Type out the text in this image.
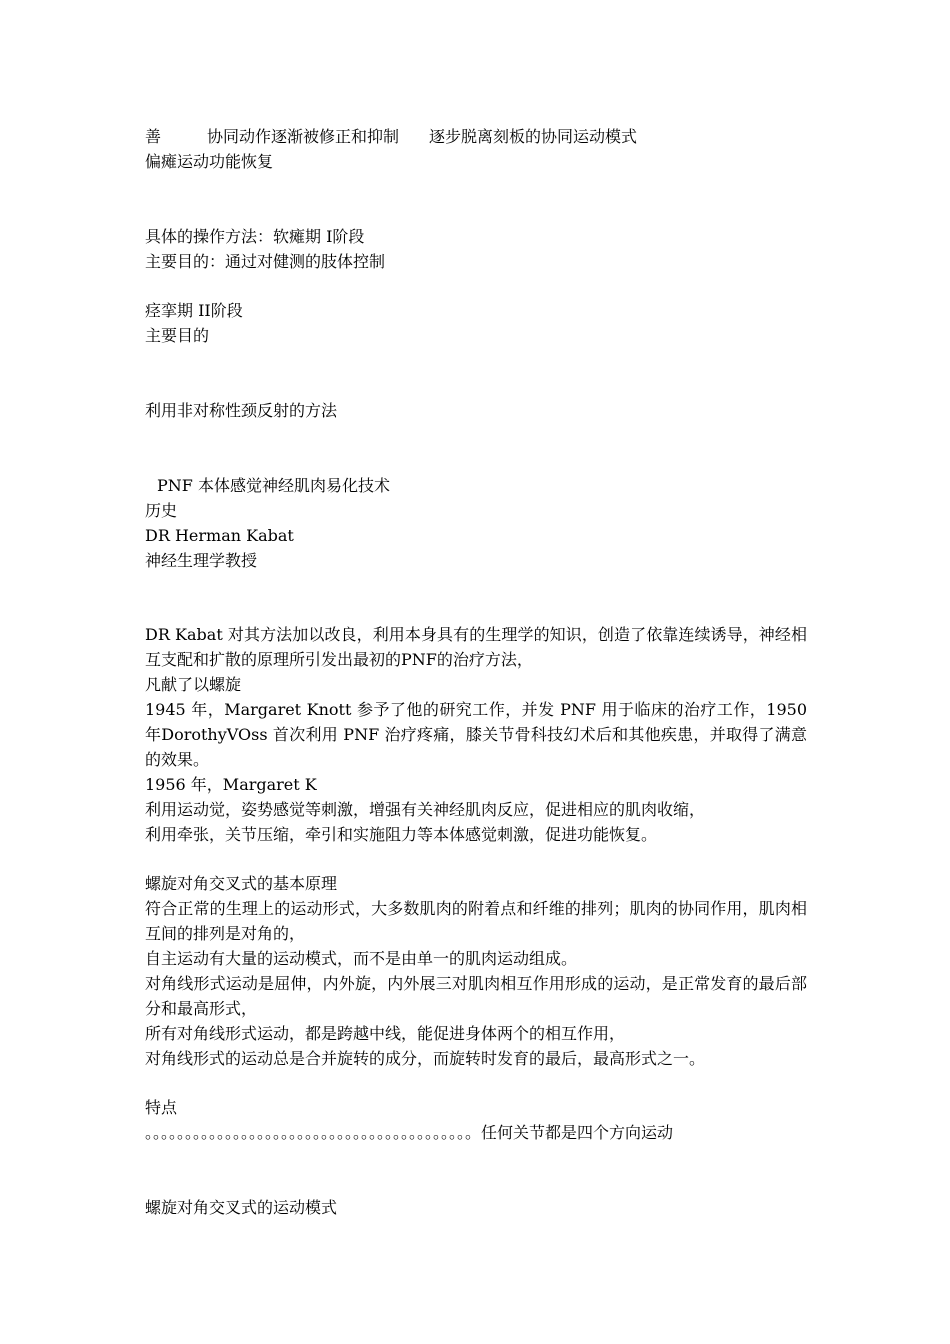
善	协同动作逐渐被修正和抑制 逐步脱离刻板的协同运动模式
偏瘫运动功能恢复
具体的操作方法：软瘫期 I阶段
主要目的：通过对健测的肢体控制
痉挛期 II阶段
主要目的
利用非对称性颈反射的方法
PNF 本体感觉神经肌肉易化技术
历史
DR Herman Kabat
神经生理学教授
DR Kabat 对其方法加以改良，利用本身具有的生理学的知识，创造了依靠连续诱导，神经相互支配和扩散的原理所引发出最初的PNF的治疗方法，
凡献了以螺旋
1945 年，Margaret Knott 参予了他的研究工作，并发 PNF 用于临床的治疗工作，1950 年DorothyVOss 首次利用 PNF 治疗疼痛，膝关节骨科技幻术后和其他疾患，并取得了满意的效果。
1956 年，Margaret K
利用运动觉，姿势感觉等刺激，增强有关神经肌肉反应，促进相应的肌肉收缩，
利用牵张，关节压缩，牵引和实施阻力等本体感觉刺激，促进功能恢复。
螺旋对角交叉式的基本原理
符合正常的生理上的运动形式，大多数肌肉的附着点和纤维的排列；肌肉的协同作用，肌肉相互间的排列是对角的，
自主运动有大量的运动模式，而不是由单一的肌肉运动组成。
对角线形式运动是屈伸，内外旋，内外展三对肌肉相互作用形成的运动，是正常发育的最后部分和最高形式，
所有对角线形式运动，都是跨越中线，能促进身体两个的相互作用，
对角线形式的运动总是合并旋转的成分，而旋转时发育的最后，最高形式之一。
特点
。。。。。。。。。。。。。。。。。。。。。。。。。。。。。。。。。。。。。。。。。任何关节都是四个方向运动
螺旋对角交叉式的运动模式
